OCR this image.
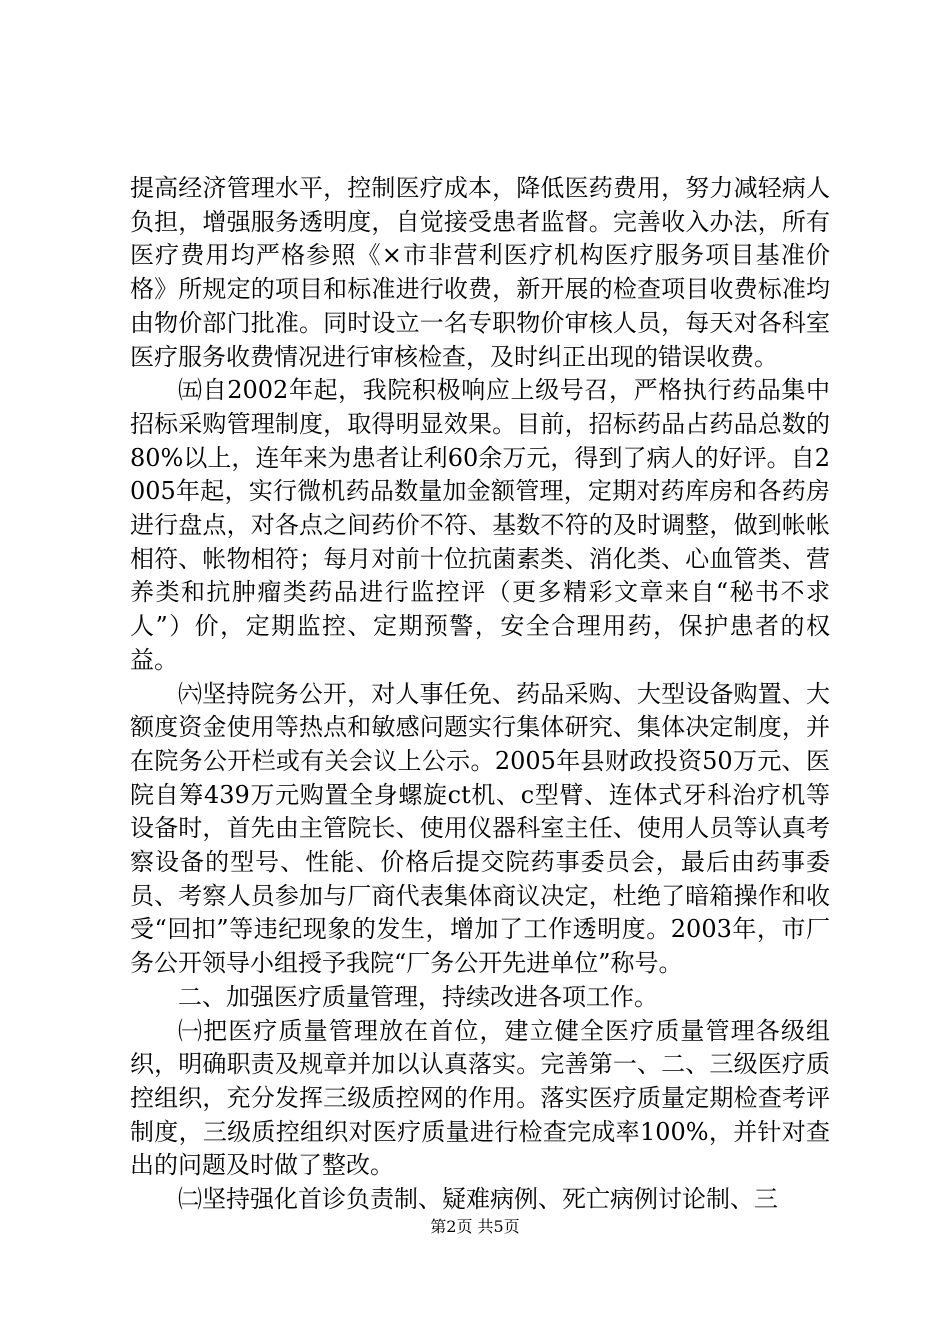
提高经济管理水平，控制医疗成本，降低医药费用，努力减轻病人负担，增强服务透明度，自觉接受患者监督。完善收入办法，所有医疗费用均严格参照《×市非营利医疗机构医疗服务项目基准价格》所规定的项目和标准进行收费，新开展的检查项目收费标准均由物价部门批准。同时设立一名专职物价审核人员，每天对各科室医疗服务收费情况进行审核检查，及时纠正出现的错误收费。

㈤自2002年起，我院积极响应上级号召，严格执行药品集中招标采购管理制度，取得明显效果。目前，招标药品占药品总数的80%以上，连年来为患者让利60余万元，得到了病人的好评。自2005年起，实行微机药品数量加金额管理，定期对药库房和各药房进行盘点，对各点之间药价不符、基数不符的及时调整，做到帐帐相符、帐物相符；每月对前十位抗菌素类、消化类、心血管类、营养类和抗肿瘤类药品进行监控评（更多精彩文章来自“秘书不求人”）价，定期监控、定期预警，安全合理用药，保护患者的权益。

㈥坚持院务公开，对人事任免、药品采购、大型设备购置、大额度资金使用等热点和敏感问题实行集体研究、集体决定制度，并在院务公开栏或有关会议上公示。2005年县财政投资50万元、医院自筹439万元购置全身螺旋ct机、c型臂、连体式牙科治疗机等设备时，首先由主管院长、使用仪器科室主任、使用人员等认真考察设备的型号、性能、价格后提交院药事委员会，最后由药事委员、考察人员参加与厂商代表集体商议决定，杜绝了暗箱操作和收受“回扣”等违纪现象的发生，增加了工作透明度。2003年，市厂务公开领导小组授予我院“厂务公开先进单位”称号。

二、加强医疗质量管理，持续改进各项工作。

㈠把医疗质量管理放在首位，建立健全医疗质量管理各级组织，明确职责及规章并加以认真落实。完善第一、二、三级医疗质控组织，充分发挥三级质控网的作用。落实医疗质量定期检查考评制度，三级质控组织对医疗质量进行检查完成率100%，并针对查出的问题及时做了整改。

㈡坚持强化首诊负责制、疑难病例、死亡病例讨论制、三

第2页 共5页
